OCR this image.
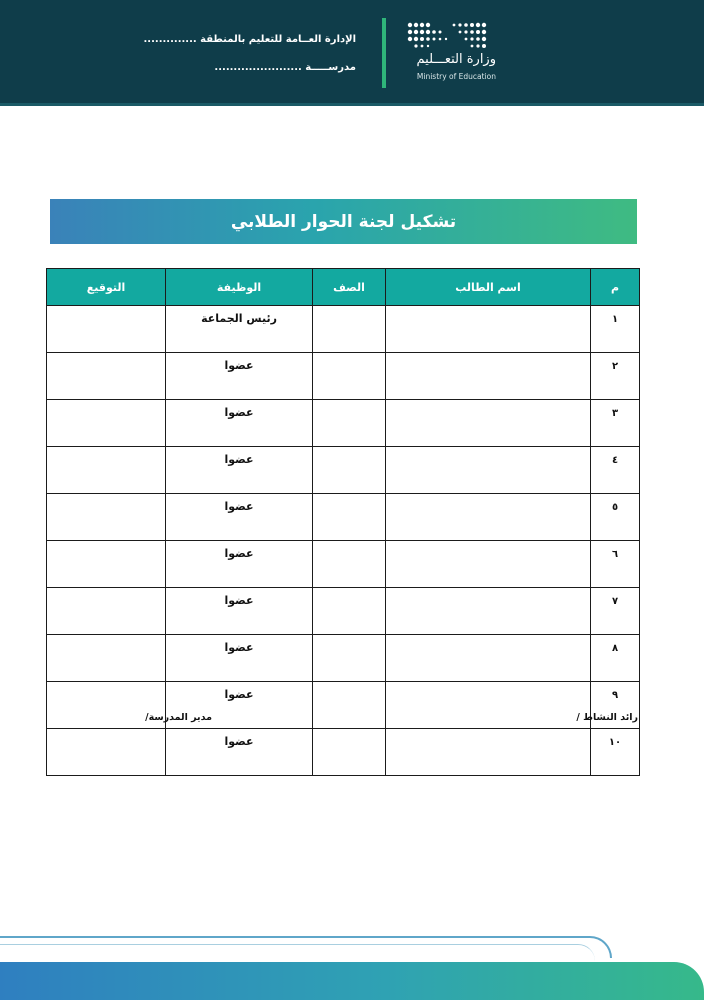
وزارة التعـــليم
Ministry of Education
الإدارة العــامة للتعليم بالمنطقة ..............
مدرســـــة .......................
تشكيل لجنة الحوار الطلابي
م	اسم الطالب	الصف	الوظيفة	التوقيع
١			رئيس الجماعة	
٢			عضوا	
٣			عضوا	
٤			عضوا	
٥			عضوا	
٦			عضوا	
٧			عضوا	
٨			عضوا	
٩			عضوا	
١٠			عضوا	
رائد النشاط /
مدير المدرسة/
